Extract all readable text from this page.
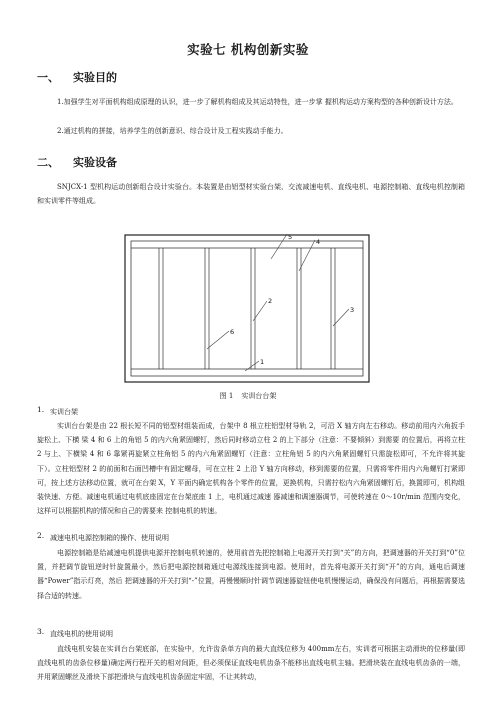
实验七 机构创新实验
一、 实验目的
1.加强学生对平面机构组成原理的认识，进一步了解机构组成及其运动特性，进一步掌 握机构运动方案构型的各种创新设计方法。
2.通过机构的拼接，培养学生的创新意识、综合设计及工程实践动手能力。
二、 实验设备
SNJCX-1 型机构运动创新组合设计实验台。本装置是由铝型材实验台架、交流减速电机、直线电机、电源控制箱、直线电机控制箱和实训零件等组成。
5
4
2
3
6
1
图 1 实训台台架
1. 实训台架
实训台台架是由 22 根长短不同的铝型材组装而成，台架中 8 根立柱铝型材导轨 2，可沿 X 轴方向左右移动。移动前用内六角扳手旋松上、下横 梁 4 和 6 上的角铝 5 的内六角紧固螺钉，然后同时移动立柱 2 的上下部分（注意：不要倾斜）到需要 的位置后，再将立柱 2 与上、下横梁 4 和 6 靠紧再旋紧立柱角铝 5 的内六角紧固螺钉（注意：立柱角铝 5 的内六角紧固螺钉只需旋松即可，不允许将其旋下）。立柱铝型材 2 的前面和右面凹槽中有固定螺母，可在立柱 2 上沿 Y 轴方向移动，移到需要的位置，只需将零件用内六角螺钉打紧即可，按上述方法移动位置，就可在台架 X，Y 平面内确定机构各个零件的位置，更换机构，只需拧松内六角紧固螺钉后，换置即可，机构组装快速、方便。减速电机通过电机底座固定在台架底座 1 上，电机通过减速 器减速和调速器调节，可使转速在 0～10r/min 范围内变化，这样可以根据机构的情况和自己的需要来 控制电机的转速。
2. 减速电机电源控制箱的操作、使用说明
电源控制箱是给减速电机提供电源并控制电机转速的，使用前首先把控制箱上电源开关打到“关”的方向，把调速器的开关打到“0”位置，并把调节旋钮逆时针旋置最小，然后把电源控制箱通过电源线连接到电源。使用时，首先将电源开关打到“开”的方向，通电后调速器“Power”指示灯亮，然后 把调速器的开关打到“-”位置，再慢慢顺时针调节调速器旋钮使电机慢慢运动，确保没有问题后，再根据需要选择合适的转速。
3. 直线电机的使用说明
直线电机安装在实训台台架底部，在实验中，允许齿条单方向的最大直线位移为 400mm左右，实训者可根据主动滑块的位移量(即直线电机的齿条位移量)确定两行程开关的相对间距，但必须保证直线电机齿条不能移出直线电机主轴。把滑块装在直线电机齿条的一端，并用紧固螺丝及滑块下部把滑块与直线电机齿条固定牢固，不让其转动，
